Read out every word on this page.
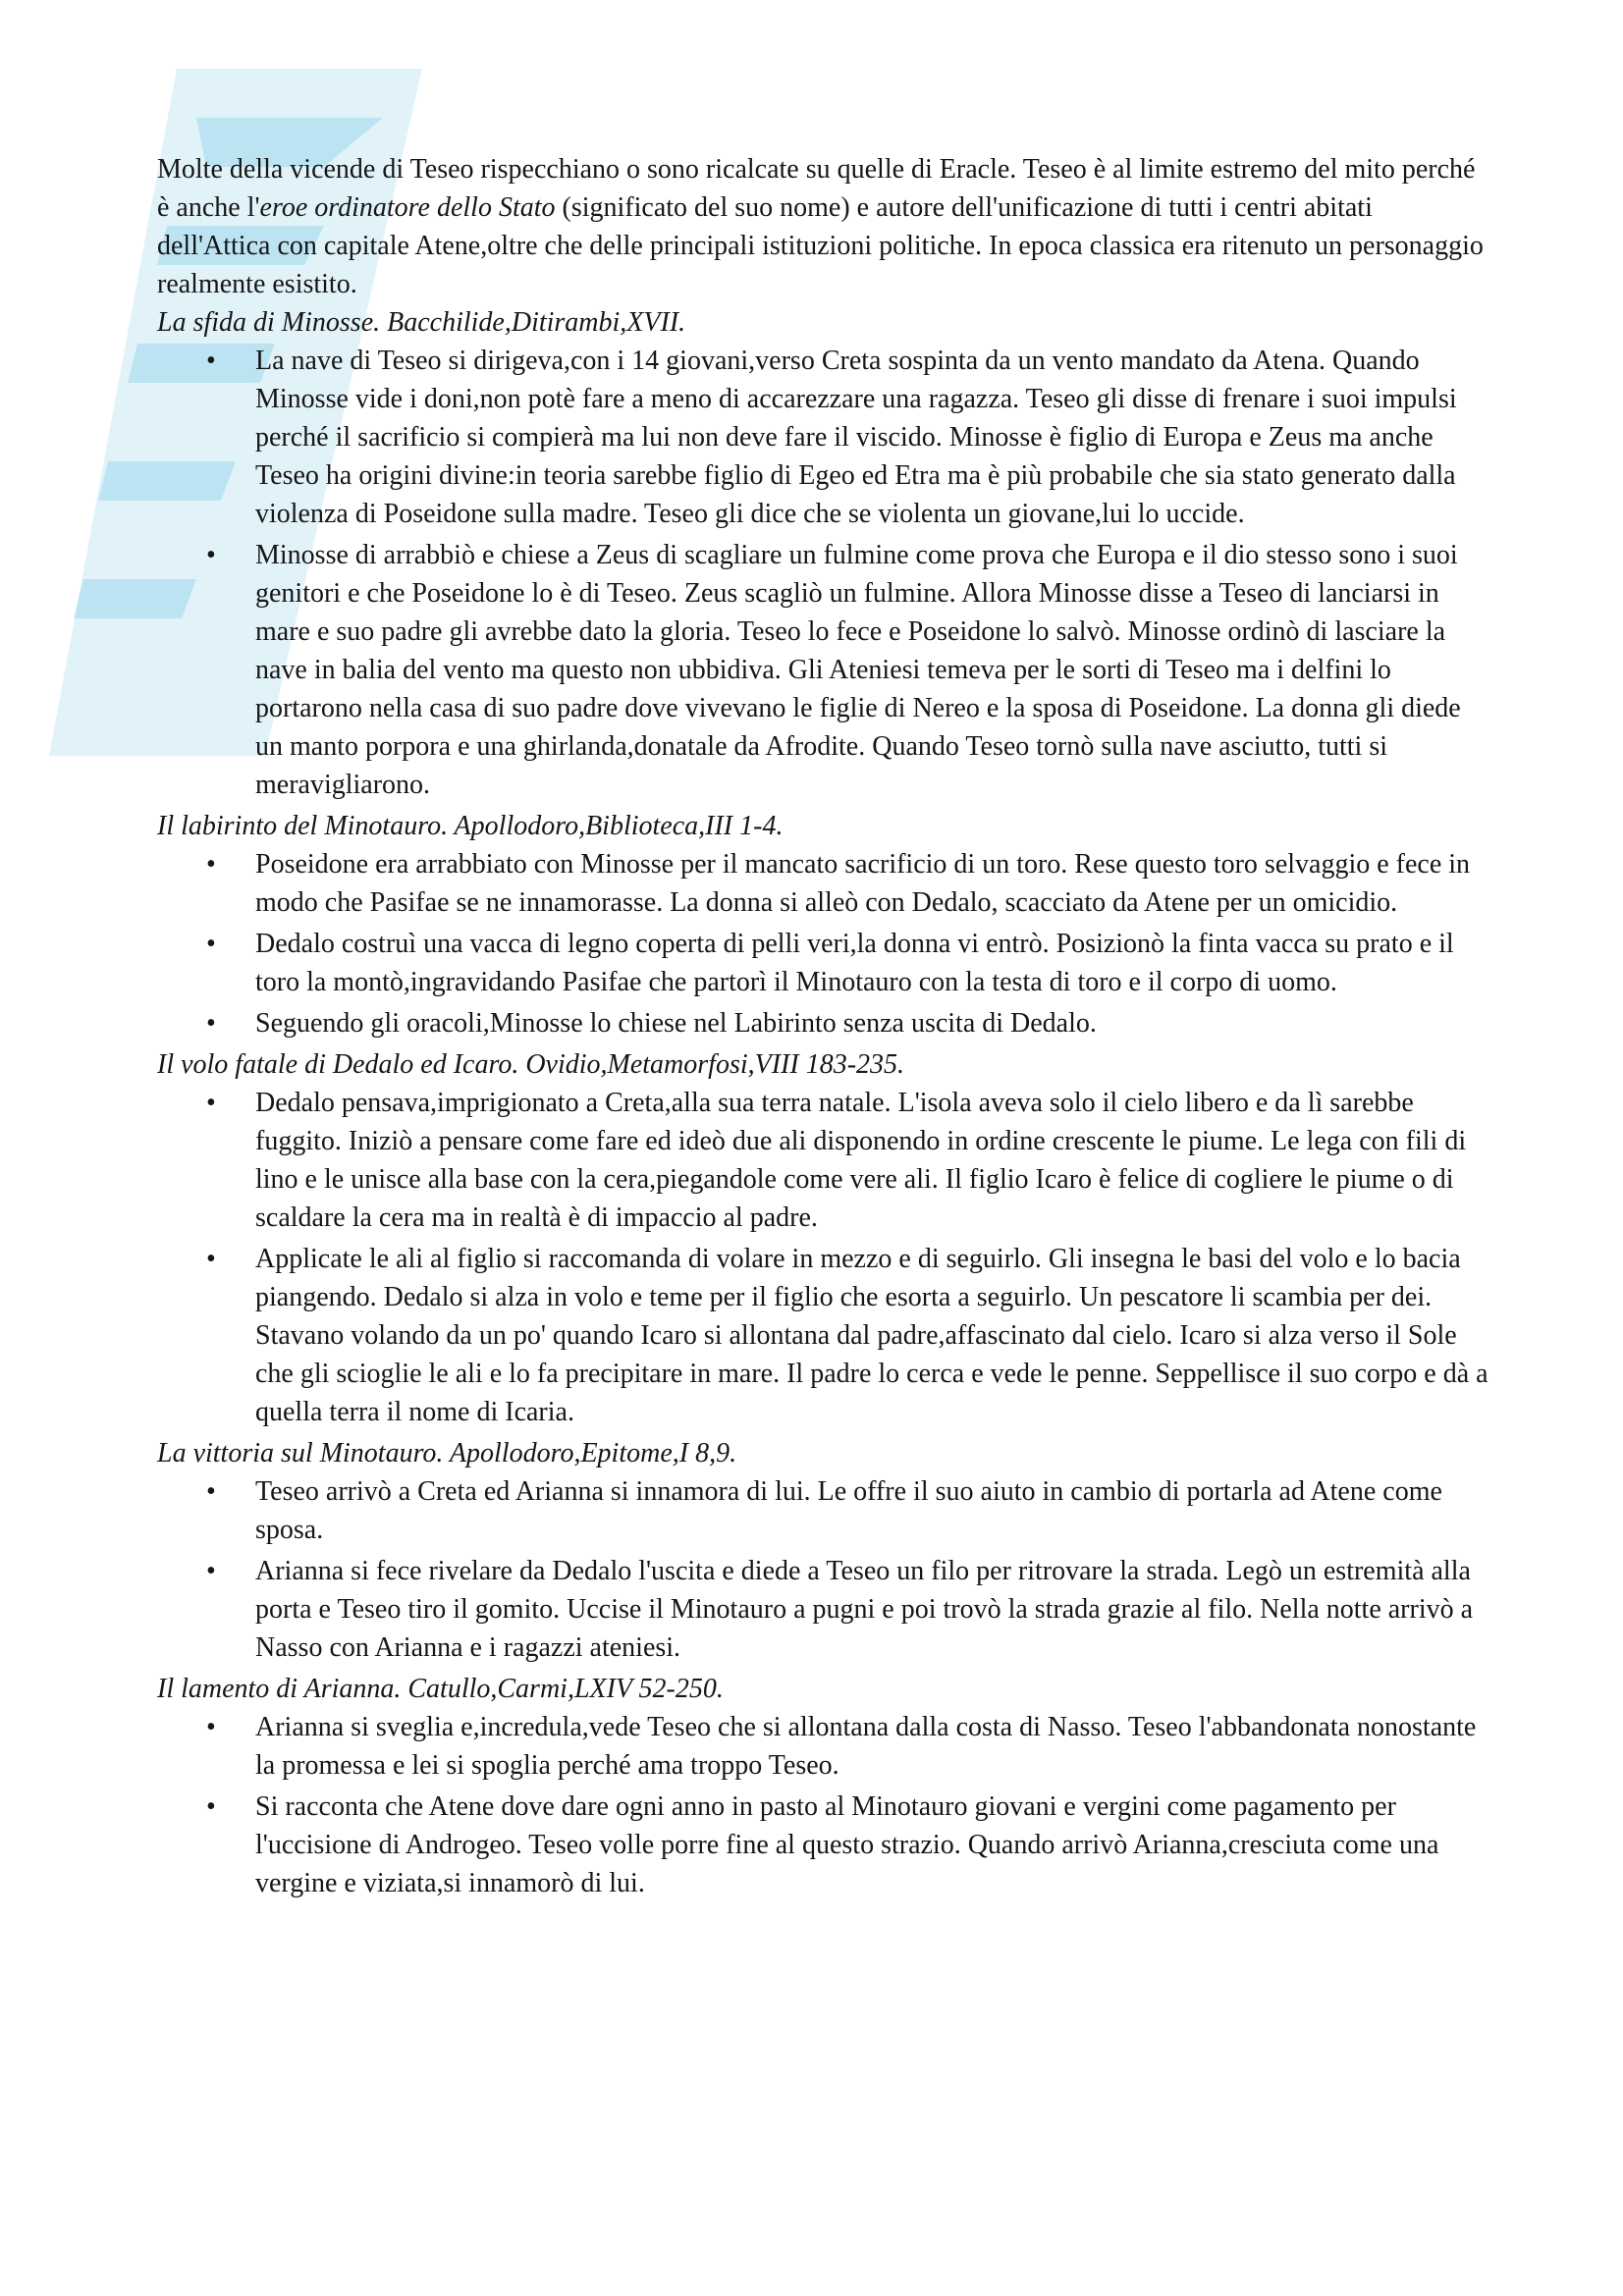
Molte della vicende di Teseo rispecchiano o sono ricalcate su quelle di Eracle. Teseo è al limite estremo del mito perché è anche l'eroe ordinatore dello Stato (significato del suo nome) e autore dell'unificazione di tutti i centri abitati dell'Attica con capitale Atene,oltre che delle principali istituzioni politiche. In epoca classica era ritenuto un personaggio realmente esistito.

La sfida di Minosse. Bacchilide,Ditirambi,XVII.

• La nave di Teseo si dirigeva,con i 14 giovani,verso Creta sospinta da un vento mandato da Atena. Quando Minosse vide i doni,non potè fare a meno di accarezzare una ragazza. Teseo gli disse di frenare i suoi impulsi perché il sacrificio si compierà ma lui non deve fare il viscido. Minosse è figlio di Europa e Zeus ma anche Teseo ha origini divine:in teoria sarebbe figlio di Egeo ed Etra ma è più probabile che sia stato generato dalla violenza di Poseidone sulla madre. Teseo gli dice che se violenta un giovane,lui lo uccide.
• Minosse di arrabbiò e chiese a Zeus di scagliare un fulmine come prova che Europa e il dio stesso sono i suoi genitori e che Poseidone lo è di Teseo. Zeus scagliò un fulmine. Allora Minosse disse a Teseo di lanciarsi in mare e suo padre gli avrebbe dato la gloria. Teseo lo fece e Poseidone lo salvò. Minosse ordinò di lasciare la nave in balia del vento ma questo non ubbidiva. Gli Ateniesi temeva per le sorti di Teseo ma i delfini lo portarono nella casa di suo padre dove vivevano le figlie di Nereo e la sposa di Poseidone. La donna gli diede un manto porpora e una ghirlanda,donatale da Afrodite. Quando Teseo tornò sulla nave asciutto, tutti si meravigliarono.

Il labirinto del Minotauro. Apollodoro,Biblioteca,III 1-4.

• Poseidone era arrabbiato con Minosse per il mancato sacrificio di un toro. Rese questo toro selvaggio e fece in modo che Pasifae se ne innamorasse. La donna si alleò con Dedalo, scacciato da Atene per un omicidio.
• Dedalo costruì una vacca di legno coperta di pelli veri,la donna vi entrò. Posizionò la finta vacca su prato e il toro la montò,ingravidando Pasifae che partorì il Minotauro con la testa di toro e il corpo di uomo.
• Seguendo gli oracoli,Minosse lo chiese nel Labirinto senza uscita di Dedalo.

Il volo fatale di Dedalo ed Icaro. Ovidio,Metamorfosi,VIII 183-235.

• Dedalo pensava,imprigionato a Creta,alla sua terra natale. L'isola aveva solo il cielo libero e da lì sarebbe fuggito. Iniziò a pensare come fare ed ideò due ali disponendo in ordine crescente le piume. Le lega con fili di lino e le unisce alla base con la cera,piegandole come vere ali. Il figlio Icaro è felice di cogliere le piume o di scaldare la cera ma in realtà è di impaccio al padre.
• Applicate le ali al figlio si raccomanda di volare in mezzo e di seguirlo. Gli insegna le basi del volo e lo bacia piangendo. Dedalo si alza in volo e teme per il figlio che esorta a seguirlo. Un pescatore li scambia per dei. Stavano volando da un po' quando Icaro si allontana dal padre,affascinato dal cielo. Icaro si alza verso il Sole che gli scioglie le ali e lo fa precipitare in mare. Il padre lo cerca e vede le penne. Seppellisce il suo corpo e dà a quella terra il nome di Icaria.

La vittoria sul Minotauro. Apollodoro,Epitome,I 8,9.

• Teseo arrivò a Creta ed Arianna si innamora di lui. Le offre il suo aiuto in cambio di portarla ad Atene come sposa.
• Arianna si fece rivelare da Dedalo l'uscita e diede a Teseo un filo per ritrovare la strada. Legò un estremità alla porta e Teseo tiro il gomito. Uccise il Minotauro a pugni e poi trovò la strada grazie al filo. Nella notte arrivò a Nasso con Arianna e i ragazzi ateniesi.

Il lamento di Arianna. Catullo,Carmi,LXIV 52-250.

• Arianna si sveglia e,incredula,vede Teseo che si allontana dalla costa di Nasso. Teseo l'abbandonata nonostante la promessa e lei si spoglia perché ama troppo Teseo.
• Si racconta che Atene dove dare ogni anno in pasto al Minotauro giovani e vergini come pagamento per l'uccisione di Androgeo. Teseo volle porre fine al questo strazio. Quando arrivò Arianna,cresciuta come una vergine e viziata,si innamorò di lui.
